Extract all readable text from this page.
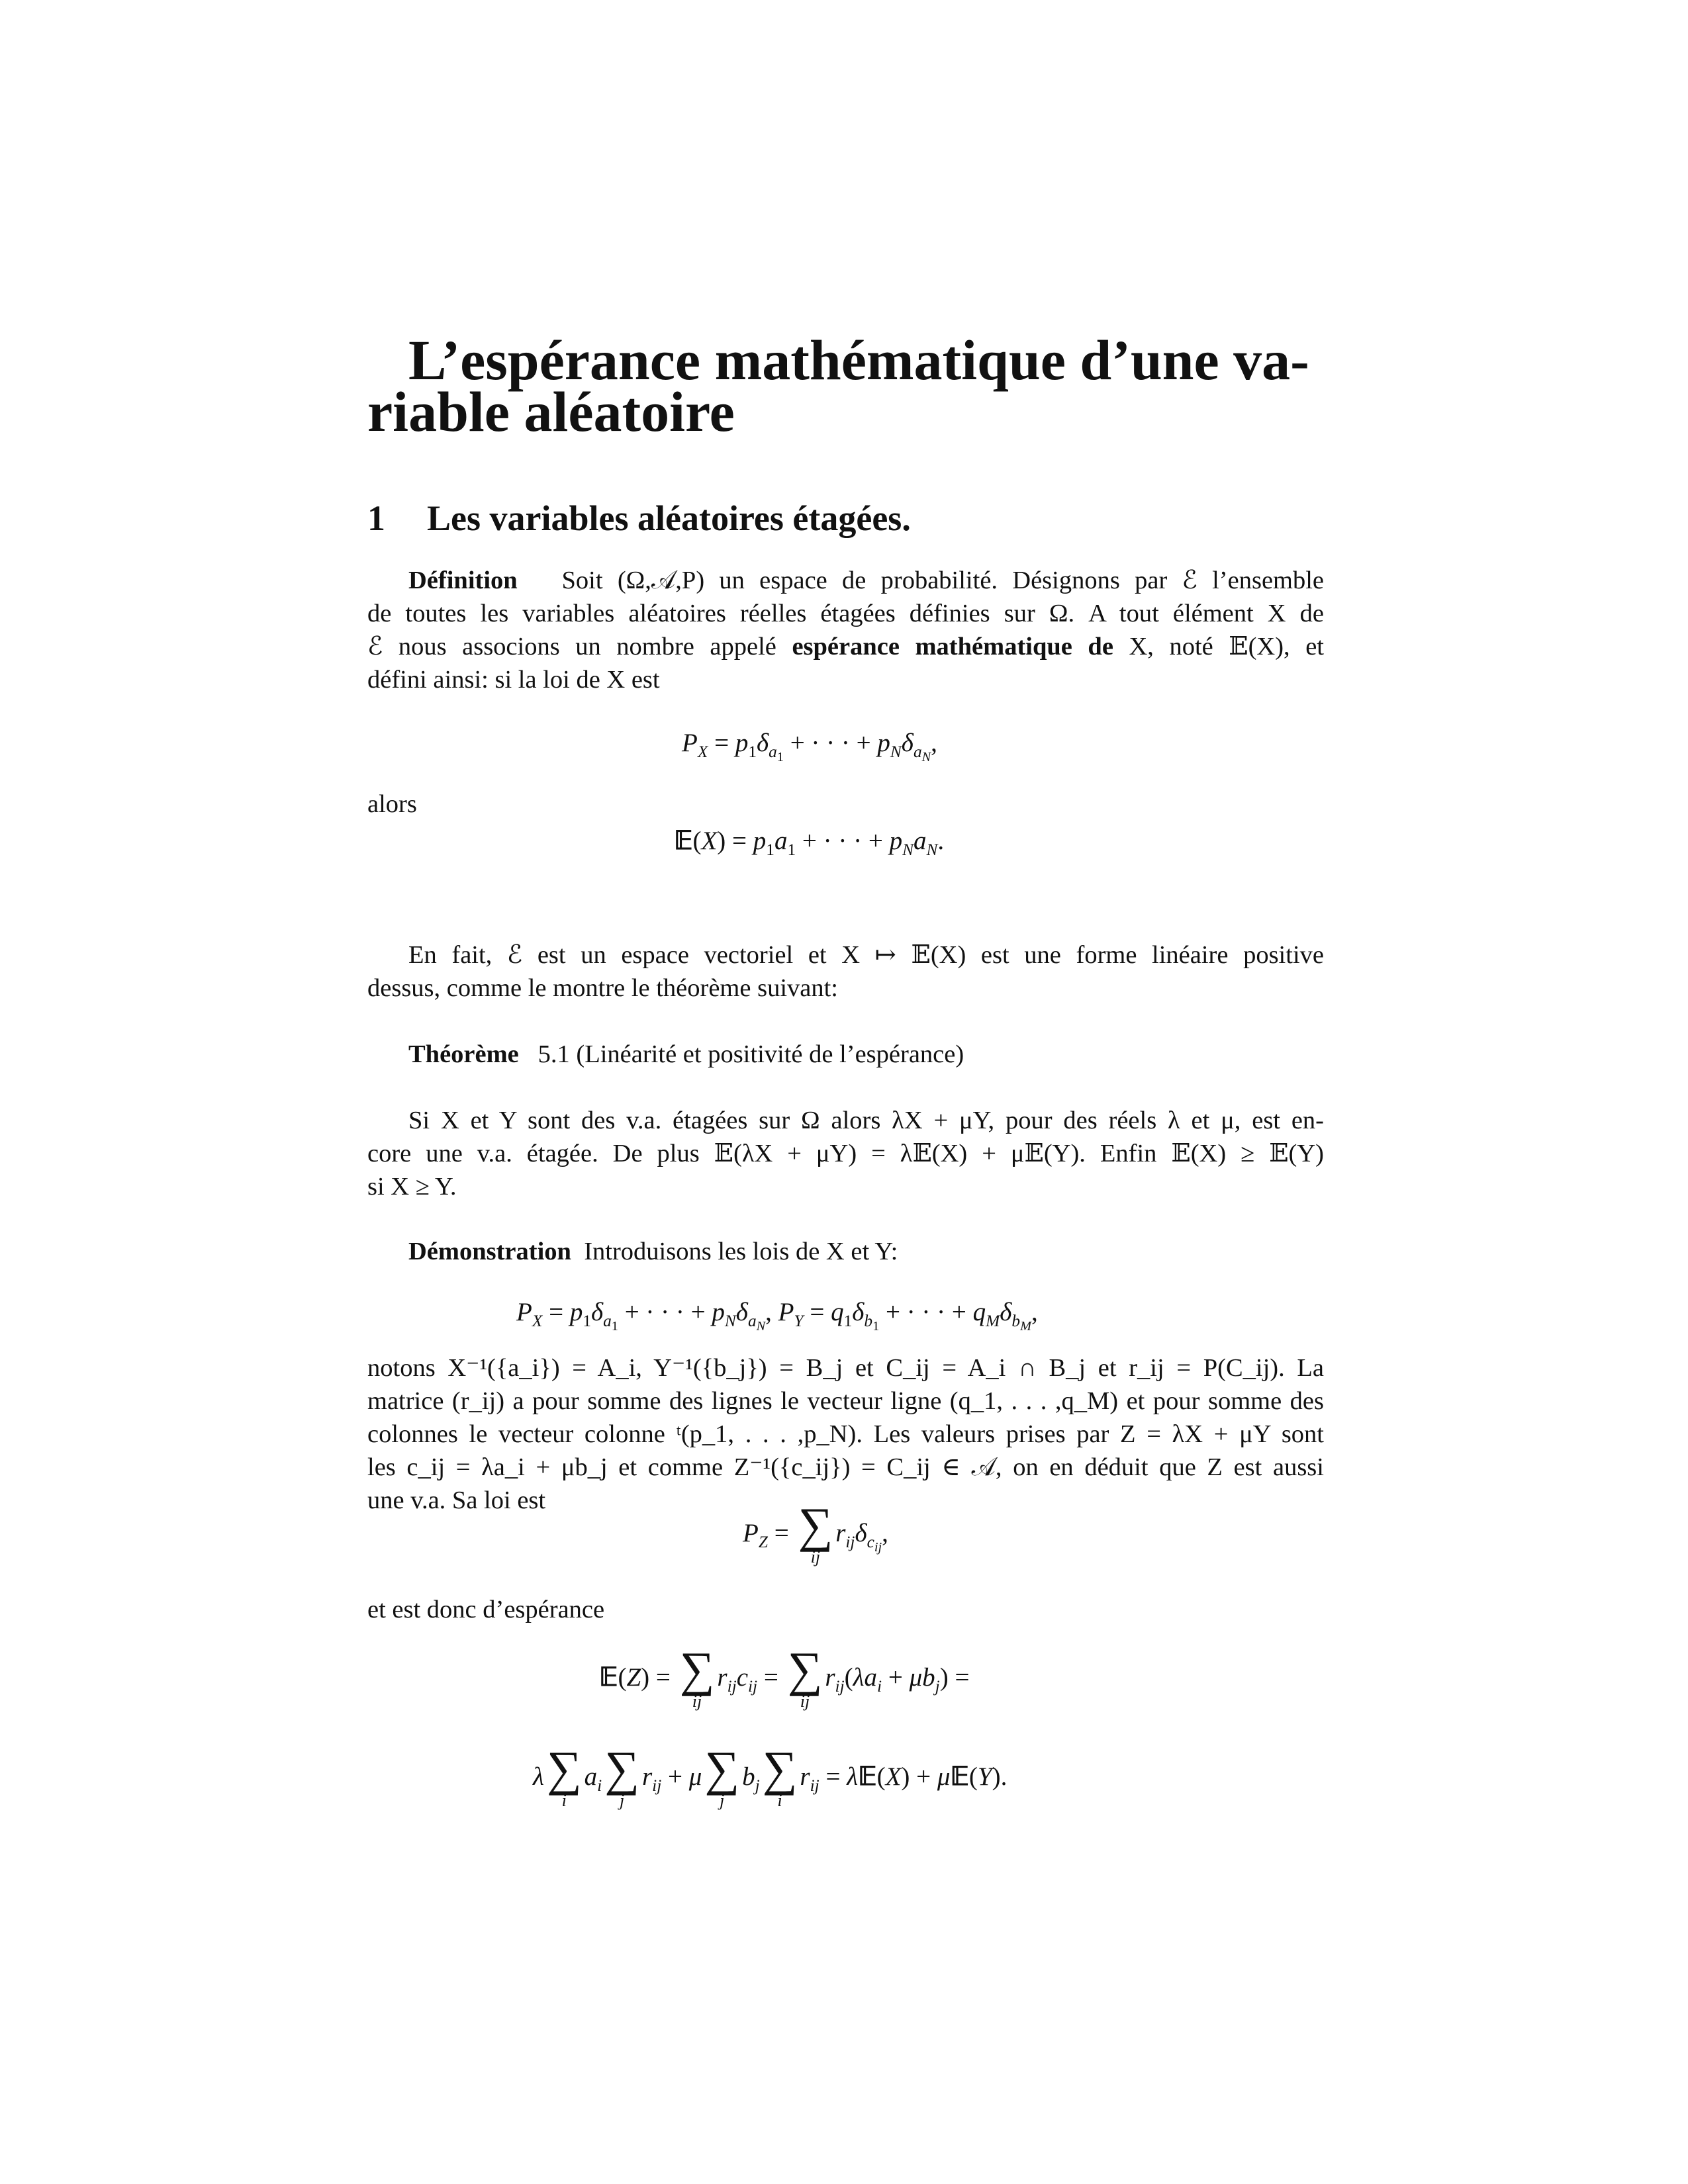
L’espérance mathématique d’une va-
riable aléatoire
1 Les variables aléatoires étagées.
Définition Soit (Ω,𝒜,P) un espace de probabilité. Désignons par ℰ l’ensemble
de toutes les variables aléatoires réelles étagées définies sur Ω. A tout élément X de
ℰ nous associons un nombre appelé espérance mathématique de X, noté 𝔼(X), et
défini ainsi: si la loi de X est
$P_X = p_1\delta_{a_1}$ + · · · + $p_N\delta_{a_N}$,
alors
𝔼(X) = $p_1a_1$ + · · · + $p_Na_N$.
En fait, ℰ est un espace vectoriel et X ↦ 𝔼(X) est une forme linéaire positive
dessus, comme le montre le théorème suivant:
Théorème 5.1 (Linéarité et positivité de l’espérance)
Si X et Y sont des v.a. étagées sur Ω alors λX + μY, pour des réels λ et μ, est en-
core une v.a. étagée. De plus 𝔼(λX + μY) = λ𝔼(X) + μ𝔼(Y). Enfin 𝔼(X) ≥ 𝔼(Y)
si X ≥ Y.
Démonstration Introduisons les lois de X et Y:
$P_X = p_1\delta_{a_1}$ + · · · + $p_N\delta_{a_N}$, $P_Y = q_1\delta_{b_1}$ + · · · + $q_M\delta_{b_M}$,
notons X⁻¹({a_i}) = A_i, Y⁻¹({b_j}) = B_j et C_ij = A_i ∩ B_j et r_ij = P(C_ij). La
matrice (r_ij) a pour somme des lignes le vecteur ligne (q_1, . . . ,q_M) et pour somme des
colonnes le vecteur colonne ᵗ(p_1, . . . ,p_N). Les valeurs prises par Z = λX + μY sont
les c_ij = λa_i + μb_j et comme Z⁻¹({c_ij}) = C_ij ∈ 𝒜, on en déduit que Z est aussi
une v.a. Sa loi est
$P_Z$ = ∑
ij
$r_{ij}\delta_{c_{ij}}$,
et est donc d’espérance
𝔼(Z) = ∑
ij
$r_{ij}c_{ij}$ = ∑
ij
$r_{ij}(\lambda a_i + \mu b_j)$ =
λ ∑
i
$a_i$ ∑
j
$r_{ij} + \mu$ ∑
j
$b_j$ ∑
i
$r_{ij}$ = λ𝔼(X) + μ𝔼(Y).
